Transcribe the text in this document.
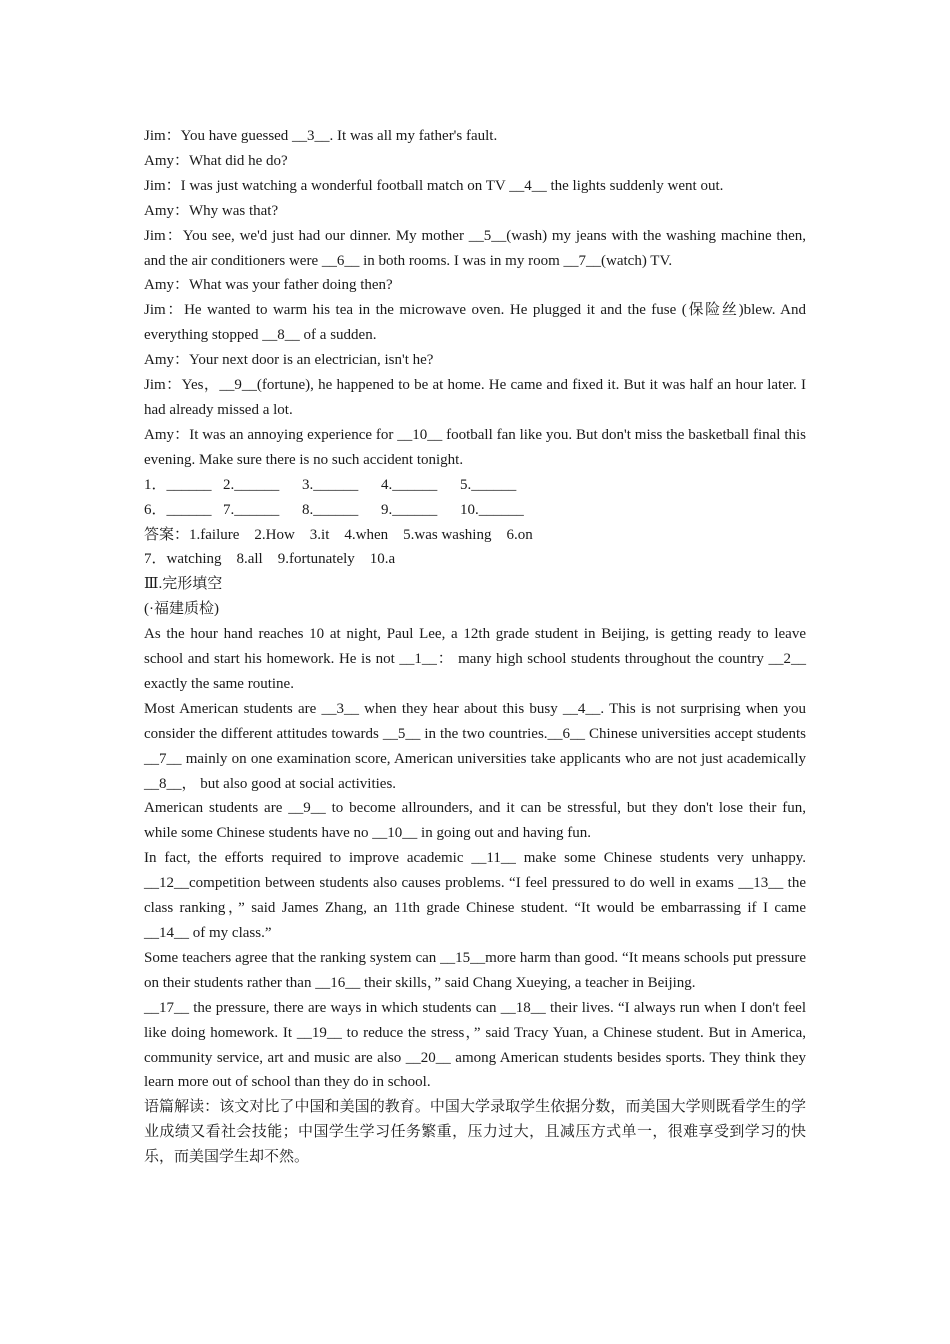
Jim：You have guessed __3__. It was all my father's fault.

Amy：What did he do?

Jim：I was just watching a wonderful football match on TV __4__ the lights suddenly went out.

Amy：Why was that?

Jim：You see, we'd just had our dinner. My mother __5__(wash) my jeans with the washing machine then, and the air conditioners were __6__ in both rooms. I was in my room __7__(watch) TV.

Amy：What was your father doing then?

Jim：He wanted to warm his tea in the microwave oven. He plugged it and the fuse (保险丝)blew. And everything stopped __8__ of a sudden.

Amy：Your next door is an electrician, isn't he?

Jim：Yes，__9__(fortune), he happened to be at home. He came and fixed it. But it was half an hour later. I had already missed a lot.

Amy：It was an annoying experience for __10__ football fan like you. But don't miss the basketball final this evening. Make sure there is no such accident tonight.

1．______ 2.______	3.______	4.______	5.______
6．______ 7.______	8.______	9.______	10.______

答案：1.failure　2.How　3.it　4.when　5.was washing　6.on

7．watching　8.all　9.fortunately　10.a

Ⅲ.完形填空

(·福建质检)

As the hour hand reaches 10 at night, Paul Lee, a 12th grade student in Beijing, is getting ready to leave school and start his homework. He is not __1__： many high school students throughout the country __2__ exactly the same routine.

Most American students are __3__ when they hear about this busy __4__. This is not surprising when you consider the different attitudes towards __5__ in the two countries.__6__ Chinese universities accept students __7__ mainly on one examination score, American universities take applicants who are not just academically __8__， but also good at social activities.

American students are __9__ to become allrounders, and it can be stressful, but they don't lose their fun, while some Chinese students have no __10__ in going out and having fun.

In fact, the efforts required to improve academic __11__ make some Chinese students very unhappy. __12__competition between students also causes problems. “I feel pressured to do well in exams __13__ the class ranking，” said James Zhang, an 11th grade Chinese student. “It would be embarrassing if I came __14__ of my class.”

Some teachers agree that the ranking system can __15__more harm than good. “It means schools put pressure on their students rather than __16__ their skills，” said Chang Xueying, a teacher in Beijing.

__17__ the pressure, there are ways in which students can __18__ their lives. “I always run when I don't feel like doing homework. It __19__ to reduce the stress，” said Tracy Yuan, a Chinese student. But in America, community service, art and music are also __20__ among American students besides sports. They think they learn more out of school than they do in school.

语篇解读：该文对比了中国和美国的教育。中国大学录取学生依据分数，而美国大学则既看学生的学业成绩又看社会技能；中国学生学习任务繁重，压力过大，且减压方式单一，很难享受到学习的快乐，而美国学生却不然。
